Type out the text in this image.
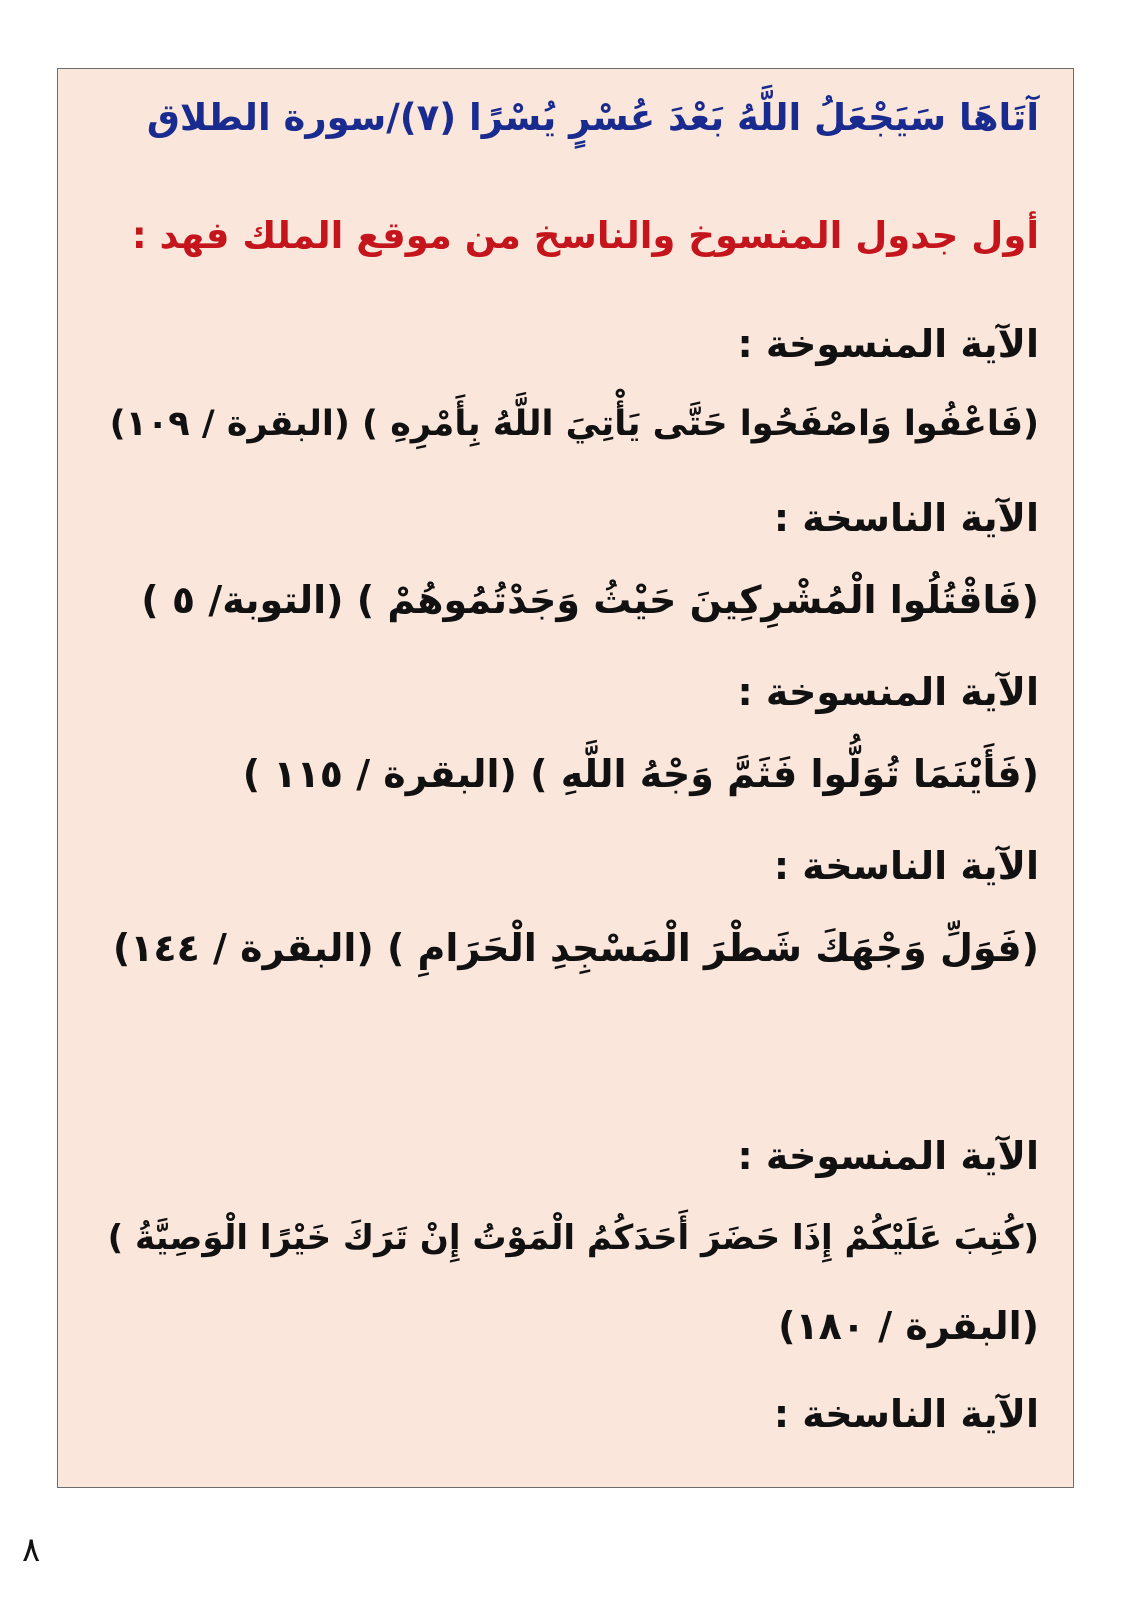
آتَاهَا سَيَجْعَلُ اللَّهُ بَعْدَ عُسْرٍ يُسْرًا (٧)/سورة الطلاق
أول جدول المنسوخ والناسخ من موقع الملك فهد :
الآية المنسوخة :
(فَاعْفُوا وَاصْفَحُوا حَتَّى يَأْتِيَ اللَّهُ بِأَمْرِهِ ) (البقرة / ١٠٩)
الآية الناسخة :
(فَاقْتُلُوا الْمُشْرِكِينَ حَيْثُ وَجَدْتُمُوهُمْ ) (التوبة/ ٥ )
الآية المنسوخة :
(فَأَيْنَمَا تُوَلُّوا فَثَمَّ وَجْهُ اللَّهِ ) (البقرة / ١١٥ )
الآية الناسخة :
(فَوَلِّ وَجْهَكَ شَطْرَ الْمَسْجِدِ الْحَرَامِ ) (البقرة / ١٤٤)
الآية المنسوخة :
(كُتِبَ عَلَيْكُمْ إِذَا حَضَرَ أَحَدَكُمُ الْمَوْتُ إِنْ تَرَكَ خَيْرًا الْوَصِيَّةُ )
(البقرة / ١٨٠)
الآية الناسخة :
٨
